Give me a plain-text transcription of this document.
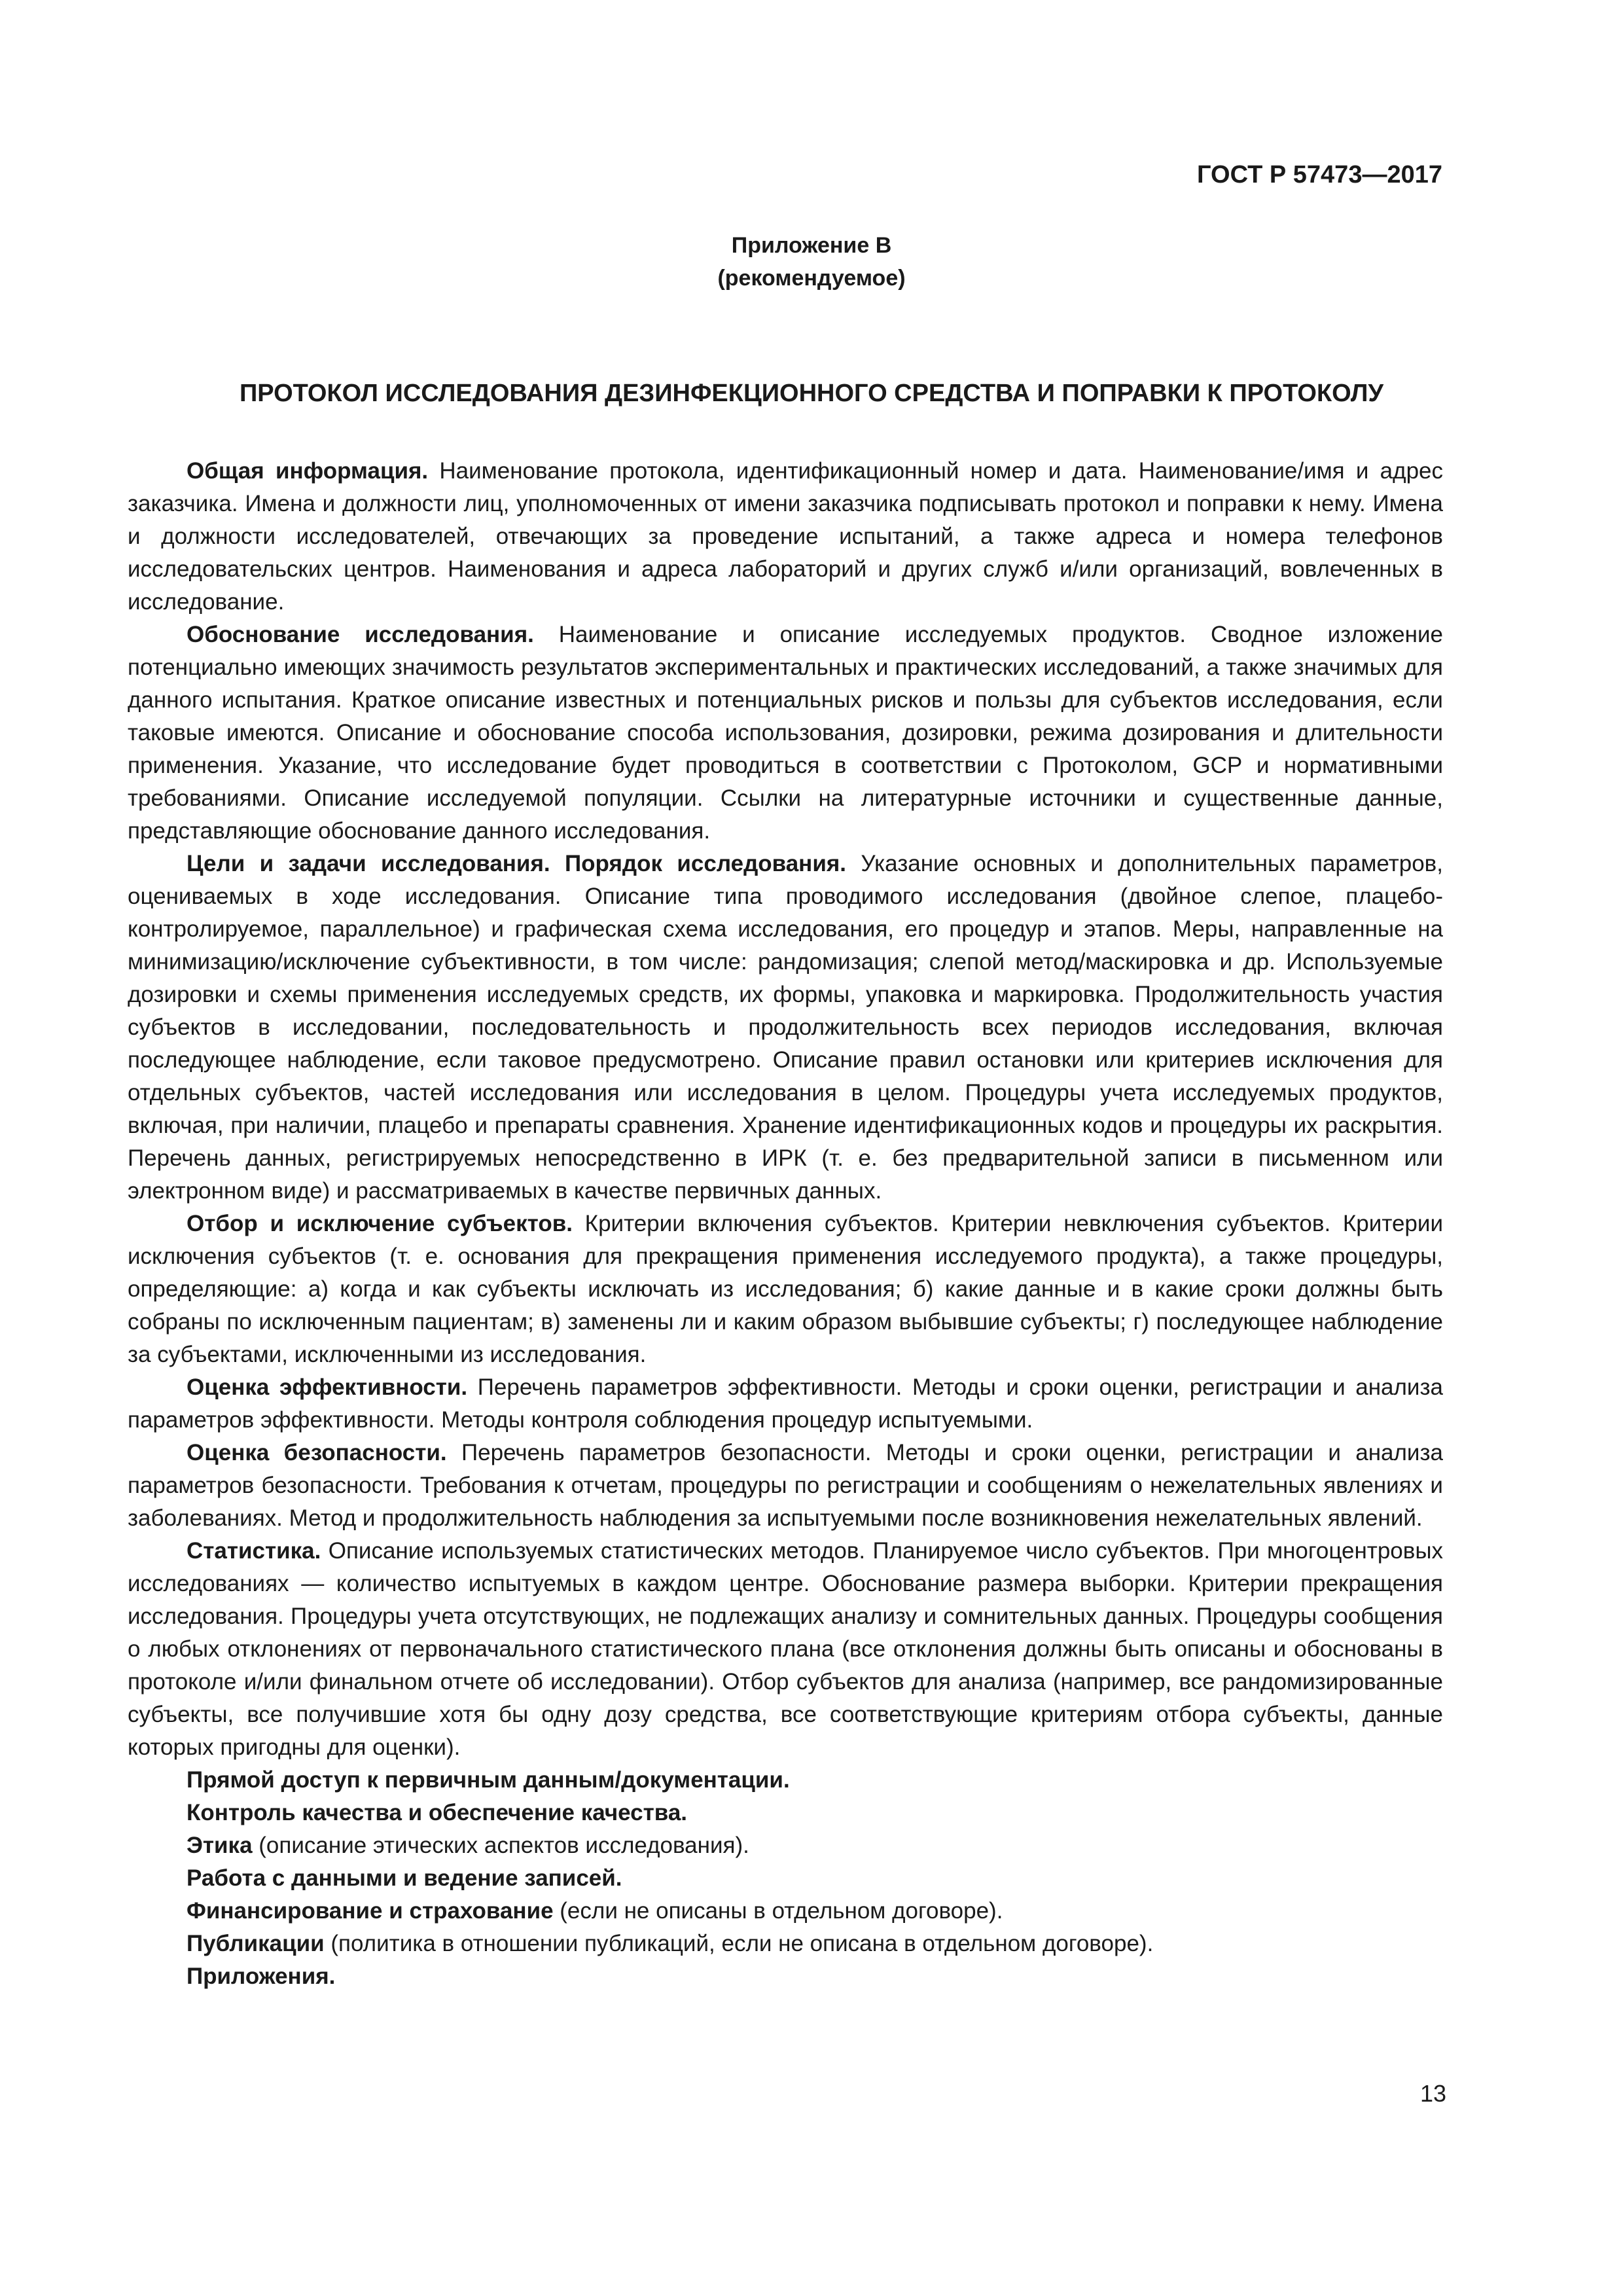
ГОСТ Р 57473—2017

Приложение В
(рекомендуемое)
ПРОТОКОЛ ИССЛЕДОВАНИЯ ДЕЗИНФЕКЦИОННОГО СРЕДСТВА И ПОПРАВКИ К ПРОТОКОЛУ

Общая информация. Наименование протокола, идентификационный номер и дата. Наименование/имя и адрес заказчика. Имена и должности лиц, уполномоченных от имени заказчика подписывать протокол и поправки к нему. Имена и должности исследователей, отвечающих за проведение испытаний, а также адреса и номера телефонов исследовательских центров. Наименования и адреса лабораторий и других служб и/или организаций, вовлеченных в исследование.

Обоснование исследования. Наименование и описание исследуемых продуктов. Сводное изложение потенциально имеющих значимость результатов экспериментальных и практических исследований, а также значимых для данного испытания. Краткое описание известных и потенциальных рисков и пользы для субъектов исследования, если таковые имеются. Описание и обоснование способа использования, дозировки, режима дозирования и длительности применения. Указание, что исследование будет проводиться в соответствии с Протоколом, GCP и нормативными требованиями. Описание исследуемой популяции. Ссылки на литературные источники и существенные данные, представляющие обоснование данного исследования.

Цели и задачи исследования. Порядок исследования. Указание основных и дополнительных параметров, оцениваемых в ходе исследования. Описание типа проводимого исследования (двойное слепое, плацебо-контролируемое, параллельное) и графическая схема исследования, его процедур и этапов. Меры, направленные на минимизацию/исключение субъективности, в том числе: рандомизация; слепой метод/маскировка и др. Используемые дозировки и схемы применения исследуемых средств, их формы, упаковка и маркировка. Продолжительность участия субъектов в исследовании, последовательность и продолжительность всех периодов исследования, включая последующее наблюдение, если таковое предусмотрено. Описание правил остановки или критериев исключения для отдельных субъектов, частей исследования или исследования в целом. Процедуры учета исследуемых продуктов, включая, при наличии, плацебо и препараты сравнения. Хранение идентификационных кодов и процедуры их раскрытия. Перечень данных, регистрируемых непосредственно в ИРК (т. е. без предварительной записи в письменном или электронном виде) и рассматриваемых в качестве первичных данных.

Отбор и исключение субъектов. Критерии включения субъектов. Критерии невключения субъектов. Критерии исключения субъектов (т. е. основания для прекращения применения исследуемого продукта), а также процедуры, определяющие: а) когда и как субъекты исключать из исследования; б) какие данные и в какие сроки должны быть собраны по исключенным пациентам; в) заменены ли и каким образом выбывшие субъекты; г) последующее наблюдение за субъектами, исключенными из исследования.

Оценка эффективности. Перечень параметров эффективности. Методы и сроки оценки, регистрации и анализа параметров эффективности. Методы контроля соблюдения процедур испытуемыми.

Оценка безопасности. Перечень параметров безопасности. Методы и сроки оценки, регистрации и анализа параметров безопасности. Требования к отчетам, процедуры по регистрации и сообщениям о нежелательных явлениях и заболеваниях. Метод и продолжительность наблюдения за испытуемыми после возникновения нежелательных явлений.

Статистика. Описание используемых статистических методов. Планируемое число субъектов. При многоцентровых исследованиях — количество испытуемых в каждом центре. Обоснование размера выборки. Критерии прекращения исследования. Процедуры учета отсутствующих, не подлежащих анализу и сомнительных данных. Процедуры сообщения о любых отклонениях от первоначального статистического плана (все отклонения должны быть описаны и обоснованы в протоколе и/или финальном отчете об исследовании). Отбор субъектов для анализа (например, все рандомизированные субъекты, все получившие хотя бы одну дозу средства, все соответствующие критериям отбора субъекты, данные которых пригодны для оценки).

Прямой доступ к первичным данным/документации.

Контроль качества и обеспечение качества.

Этика (описание этических аспектов исследования).

Работа с данными и ведение записей.

Финансирование и страхование (если не описаны в отдельном договоре).

Публикации (политика в отношении публикаций, если не описана в отдельном договоре).

Приложения.

13
